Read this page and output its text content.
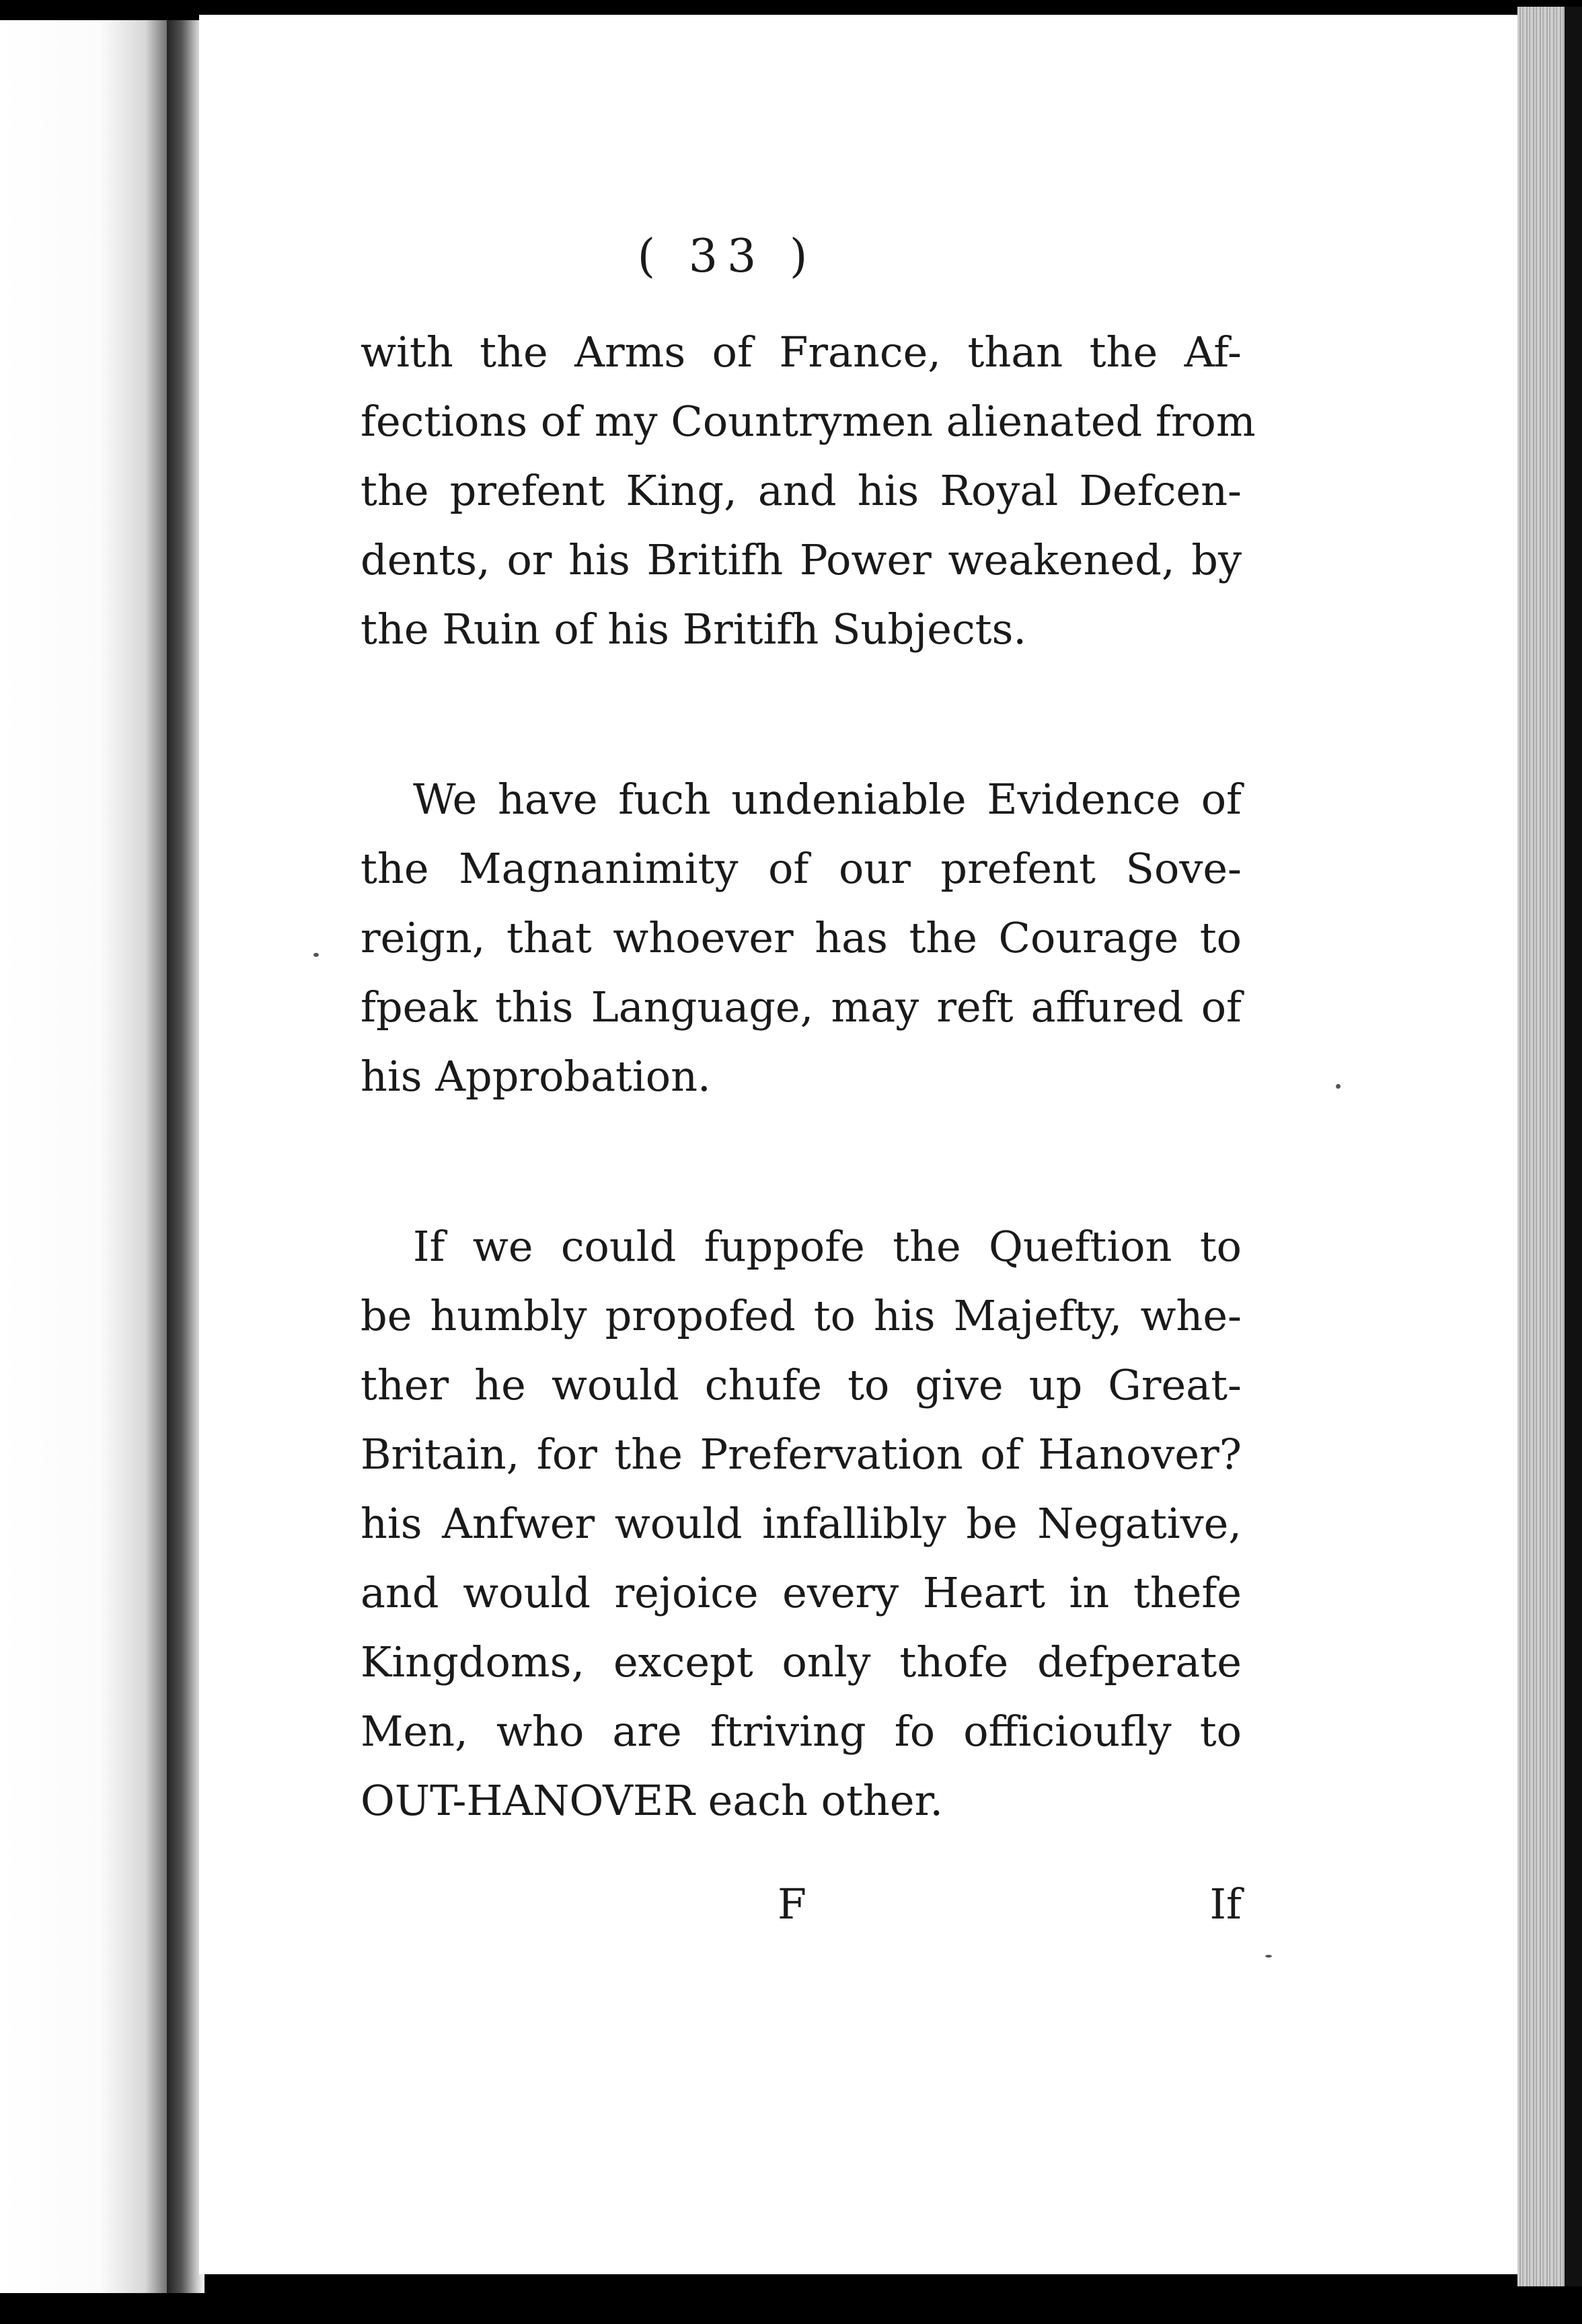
( 33 )
with the Arms of France, than the Af-
fections of my Countrymen alienated from
the prefent King, and his Royal Defcen-
dents, or his Britifh Power weakened, by
the Ruin of his Britifh Subjects.
We have fuch undeniable Evidence of
the Magnanimity of our prefent Sove-
reign, that whoever has the Courage to
fpeak this Language, may reft affured of
his Approbation.
If we could fuppofe the Queftion to
be humbly propofed to his Majefty, whe-
ther he would chufe to give up Great-
Britain, for the Prefervation of Hanover?
his Anfwer would infallibly be Negative,
and would rejoice every Heart in thefe
Kingdoms, except only thofe defperate
Men, who are ftriving fo officioufly to
OUT-HANOVER each other.
F	If
